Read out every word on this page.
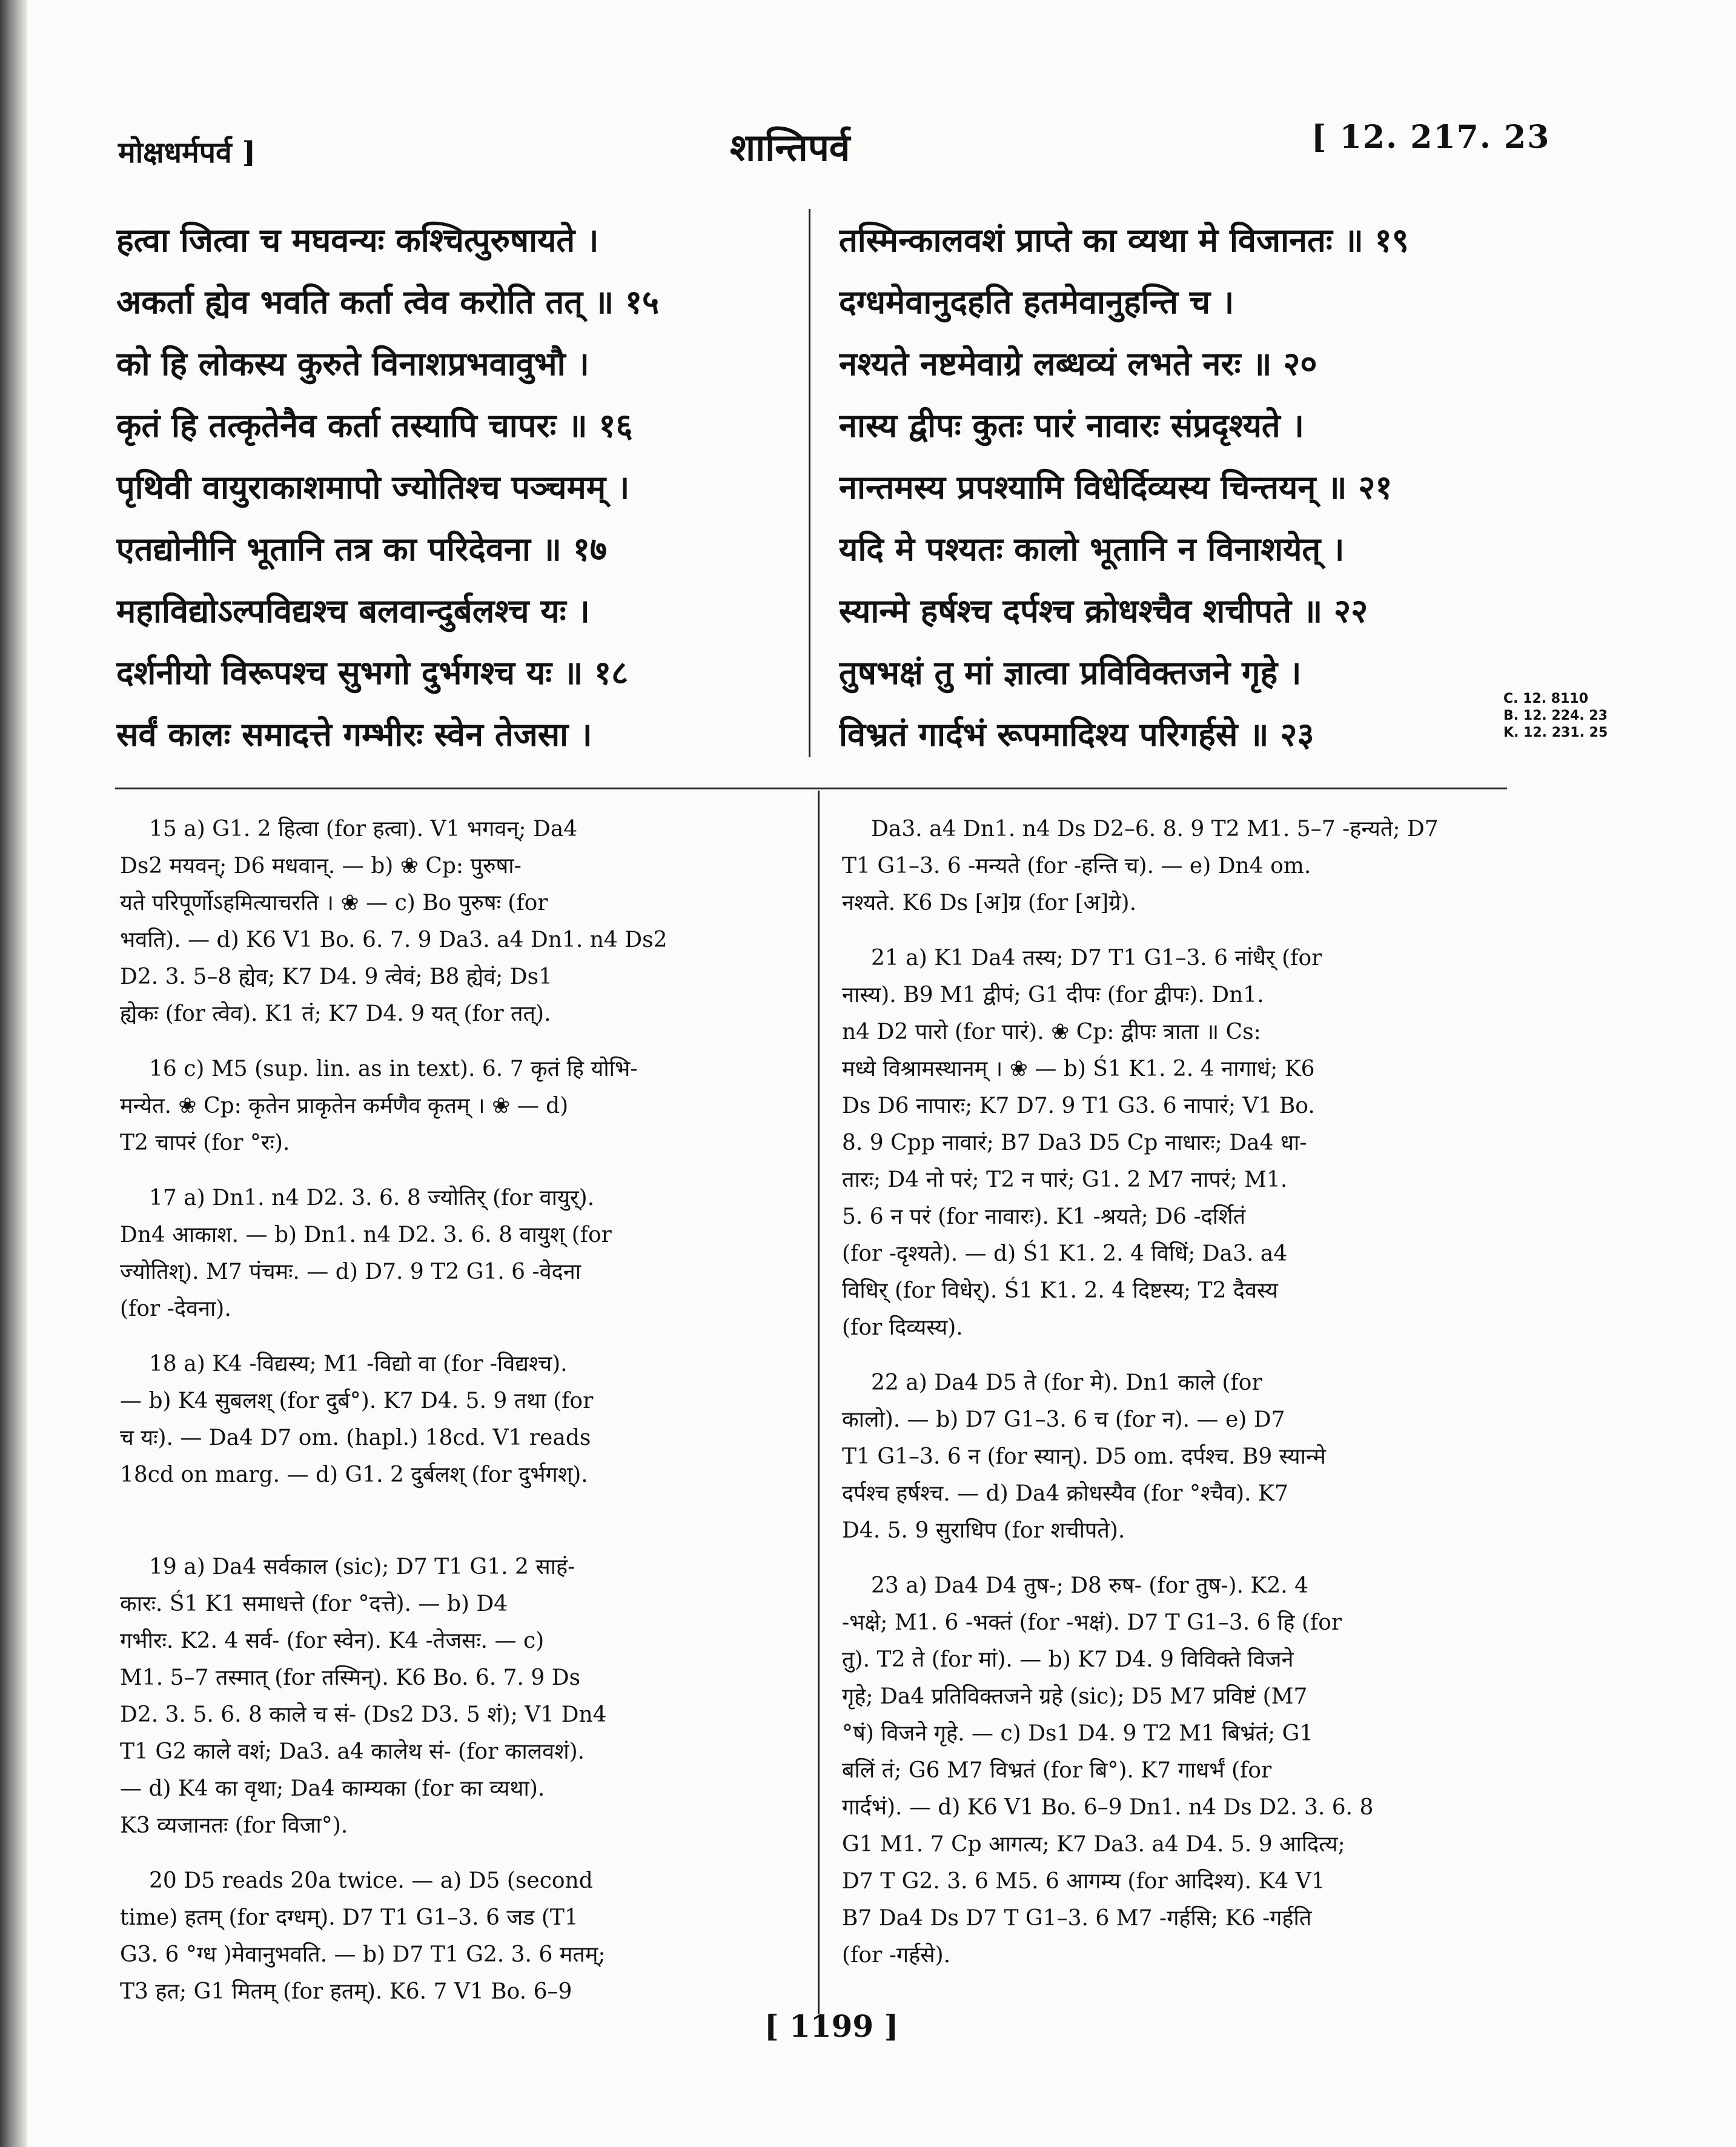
मोक्षधर्मपर्व ]	शान्तिपर्व	[ 12. 217. 23
हत्वा जित्वा च मघवन्यः कश्चित्पुरुषायते ।
अकर्ता ह्येव भवति कर्ता त्वेव करोति तत् ॥ १५
को हि लोकस्य कुरुते विनाशप्रभवावुभौ ।
कृतं हि तत्कृतेनैव कर्ता तस्यापि चापरः ॥ १६
पृथिवी वायुराकाशमापो ज्योतिश्च पञ्चमम् ।
एतद्योनीनि भूतानि तत्र का परिदेवना ॥ १७
महाविद्योऽल्पविद्यश्च बलवान्दुर्बलश्च यः ।
दर्शनीयो विरूपश्च सुभगो दुर्भगश्च यः ॥ १८
सर्वं कालः समादत्ते गम्भीरः स्वेन तेजसा ।
तस्मिन्कालवशं प्राप्ते का व्यथा मे विजानतः ॥ १९
दग्धमेवानुदहति हतमेवानुहन्ति च ।
नश्यते नष्टमेवाग्रे लब्धव्यं लभते नरः ॥ २०
नास्य द्वीपः कुतः पारं नावारः संप्रदृश्यते ।
नान्तमस्य प्रपश्यामि विधेर्दिव्यस्य चिन्तयन् ॥ २१
यदि मे पश्यतः कालो भूतानि न विनाशयेत् ।
स्यान्मे हर्षश्च दर्पश्च क्रोधश्चैव शचीपते ॥ २२
तुषभक्षं तु मां ज्ञात्वा प्रविविक्तजने गृहे ।
विभ्रतं गार्दभं रूपमादिश्य परिगर्हसे ॥ २३
C. 12. 8110
B. 12. 224. 23
K. 12. 231. 25
15 a) G1. 2 हित्वा (for हत्वा). V1 भगवन्; Da4
Ds2 मयवन्; D6 मधवान्. — b) ❀ Cp: पुरुषा-
यते परिपूर्णोऽहमित्याचरति । ❀ — c) Bo पुरुषः (for
भवति). — d) K6 V1 Bo. 6. 7. 9 Da3. a4 Dn1. n4 Ds2
D2. 3. 5–8 ह्येव; K7 D4. 9 त्वेवं; B8 ह्येवं; Ds1
ह्येकः (for त्वेव). K1 तं; K7 D4. 9 यत् (for तत्).
16 c) M5 (sup. lin. as in text). 6. 7 कृतं हि योभि-
मन्येत. ❀ Cp: कृतेन प्राकृतेन कर्मणैव कृतम् । ❀ — d)
T2 चापरं (for °रः).
17 a) Dn1. n4 D2. 3. 6. 8 ज्योतिर् (for वायुर्).
Dn4 आकाश. — b) Dn1. n4 D2. 3. 6. 8 वायुश् (for
ज्योतिश्). M7 पंचमः. — d) D7. 9 T2 G1. 6 -वेदना
(for -देवना).
18 a) K4 -विद्यस्य; M1 -विद्यो वा (for -विद्यश्च).
— b) K4 सुबलश् (for दुर्ब°). K7 D4. 5. 9 तथा (for
च यः). — Da4 D7 om. (hapl.) 18cd. V1 reads
18cd on marg. — d) G1. 2 दुर्बलश् (for दुर्भगश्).
19 a) Da4 सर्वकाल (sic); D7 T1 G1. 2 साहं-
कारः. Ś1 K1 समाधत्ते (for °दत्ते). — b) D4
गभीरः. K2. 4 सर्व- (for स्वेन). K4 -तेजसः. — c)
M1. 5–7 तस्मात् (for तस्मिन्). K6 Bo. 6. 7. 9 Ds
D2. 3. 5. 6. 8 काले च सं- (Ds2 D3. 5 शं); V1 Dn4
T1 G2 काले वशं; Da3. a4 कालेथ सं- (for कालवशं).
— d) K4 का वृथा; Da4 काम्यका (for का व्यथा).
K3 व्यजानतः (for विजा°).
20 D5 reads 20a twice. — a) D5 (second
time) हतम् (for दग्धम्). D7 T1 G1–3. 6 जड (T1
G3. 6 °ग्ध )मेवानुभवति. — b) D7 T1 G2. 3. 6 मतम्;
T3 हत; G1 मितम् (for हतम्). K6. 7 V1 Bo. 6–9
Da3. a4 Dn1. n4 Ds D2–6. 8. 9 T2 M1. 5–7 -हन्यते; D7
T1 G1–3. 6 -मन्यते (for -हन्ति च). — e) Dn4 om.
नश्यते. K6 Ds [अ]ग्र (for [अ]ग्रे).
21 a) K1 Da4 तस्य; D7 T1 G1–3. 6 नांधैर् (for
नास्य). B9 M1 द्वीपं; G1 दीपः (for द्वीपः). Dn1.
n4 D2 पारो (for पारं). ❀ Cp: द्वीपः त्राता ॥ Cs:
मध्ये विश्रामस्थानम् । ❀ — b) Ś1 K1. 2. 4 नागाधं; K6
Ds D6 नापारः; K7 D7. 9 T1 G3. 6 नापारं; V1 Bo.
8. 9 Cpp नावारं; B7 Da3 D5 Cp नाधारः; Da4 धा-
तारः; D4 नो परं; T2 न पारं; G1. 2 M7 नापरं; M1.
5. 6 न परं (for नावारः). K1 -श्रयते; D6 -दर्शितं
(for -दृश्यते). — d) Ś1 K1. 2. 4 विधिं; Da3. a4
विधिर् (for विधेर्). Ś1 K1. 2. 4 दिष्टस्य; T2 दैवस्य
(for दिव्यस्य).
22 a) Da4 D5 ते (for मे). Dn1 काले (for
कालो). — b) D7 G1–3. 6 च (for न). — e) D7
T1 G1–3. 6 न (for स्यान्). D5 om. दर्पश्च. B9 स्यान्मे
दर्पश्च हर्षश्च. — d) Da4 क्रोधस्यैव (for °श्चैव). K7
D4. 5. 9 सुराधिप (for शचीपते).
23 a) Da4 D4 तुष-; D8 रुष- (for तुष-). K2. 4
-भक्षे; M1. 6 -भक्तं (for -भक्षं). D7 T G1–3. 6 हि (for
तु). T2 ते (for मां). — b) K7 D4. 9 विविक्ते विजने
गृहे; Da4 प्रतिविक्तजने ग्रहे (sic); D5 M7 प्रविष्टं (M7
°षं) विजने गृहे. — c) Ds1 D4. 9 T2 M1 बिभ्रंतं; G1
बलिं तं; G6 M7 विभ्रतं (for बि°). K7 गाधर्भं (for
गार्दभं). — d) K6 V1 Bo. 6–9 Dn1. n4 Ds D2. 3. 6. 8
G1 M1. 7 Cp आगत्य; K7 Da3. a4 D4. 5. 9 आदित्य;
D7 T G2. 3. 6 M5. 6 आगम्य (for आदिश्य). K4 V1
B7 Da4 Ds D7 T G1–3. 6 M7 -गर्हसि; K6 -गर्हति
(for -गर्हसे).
[ 1199 ]
